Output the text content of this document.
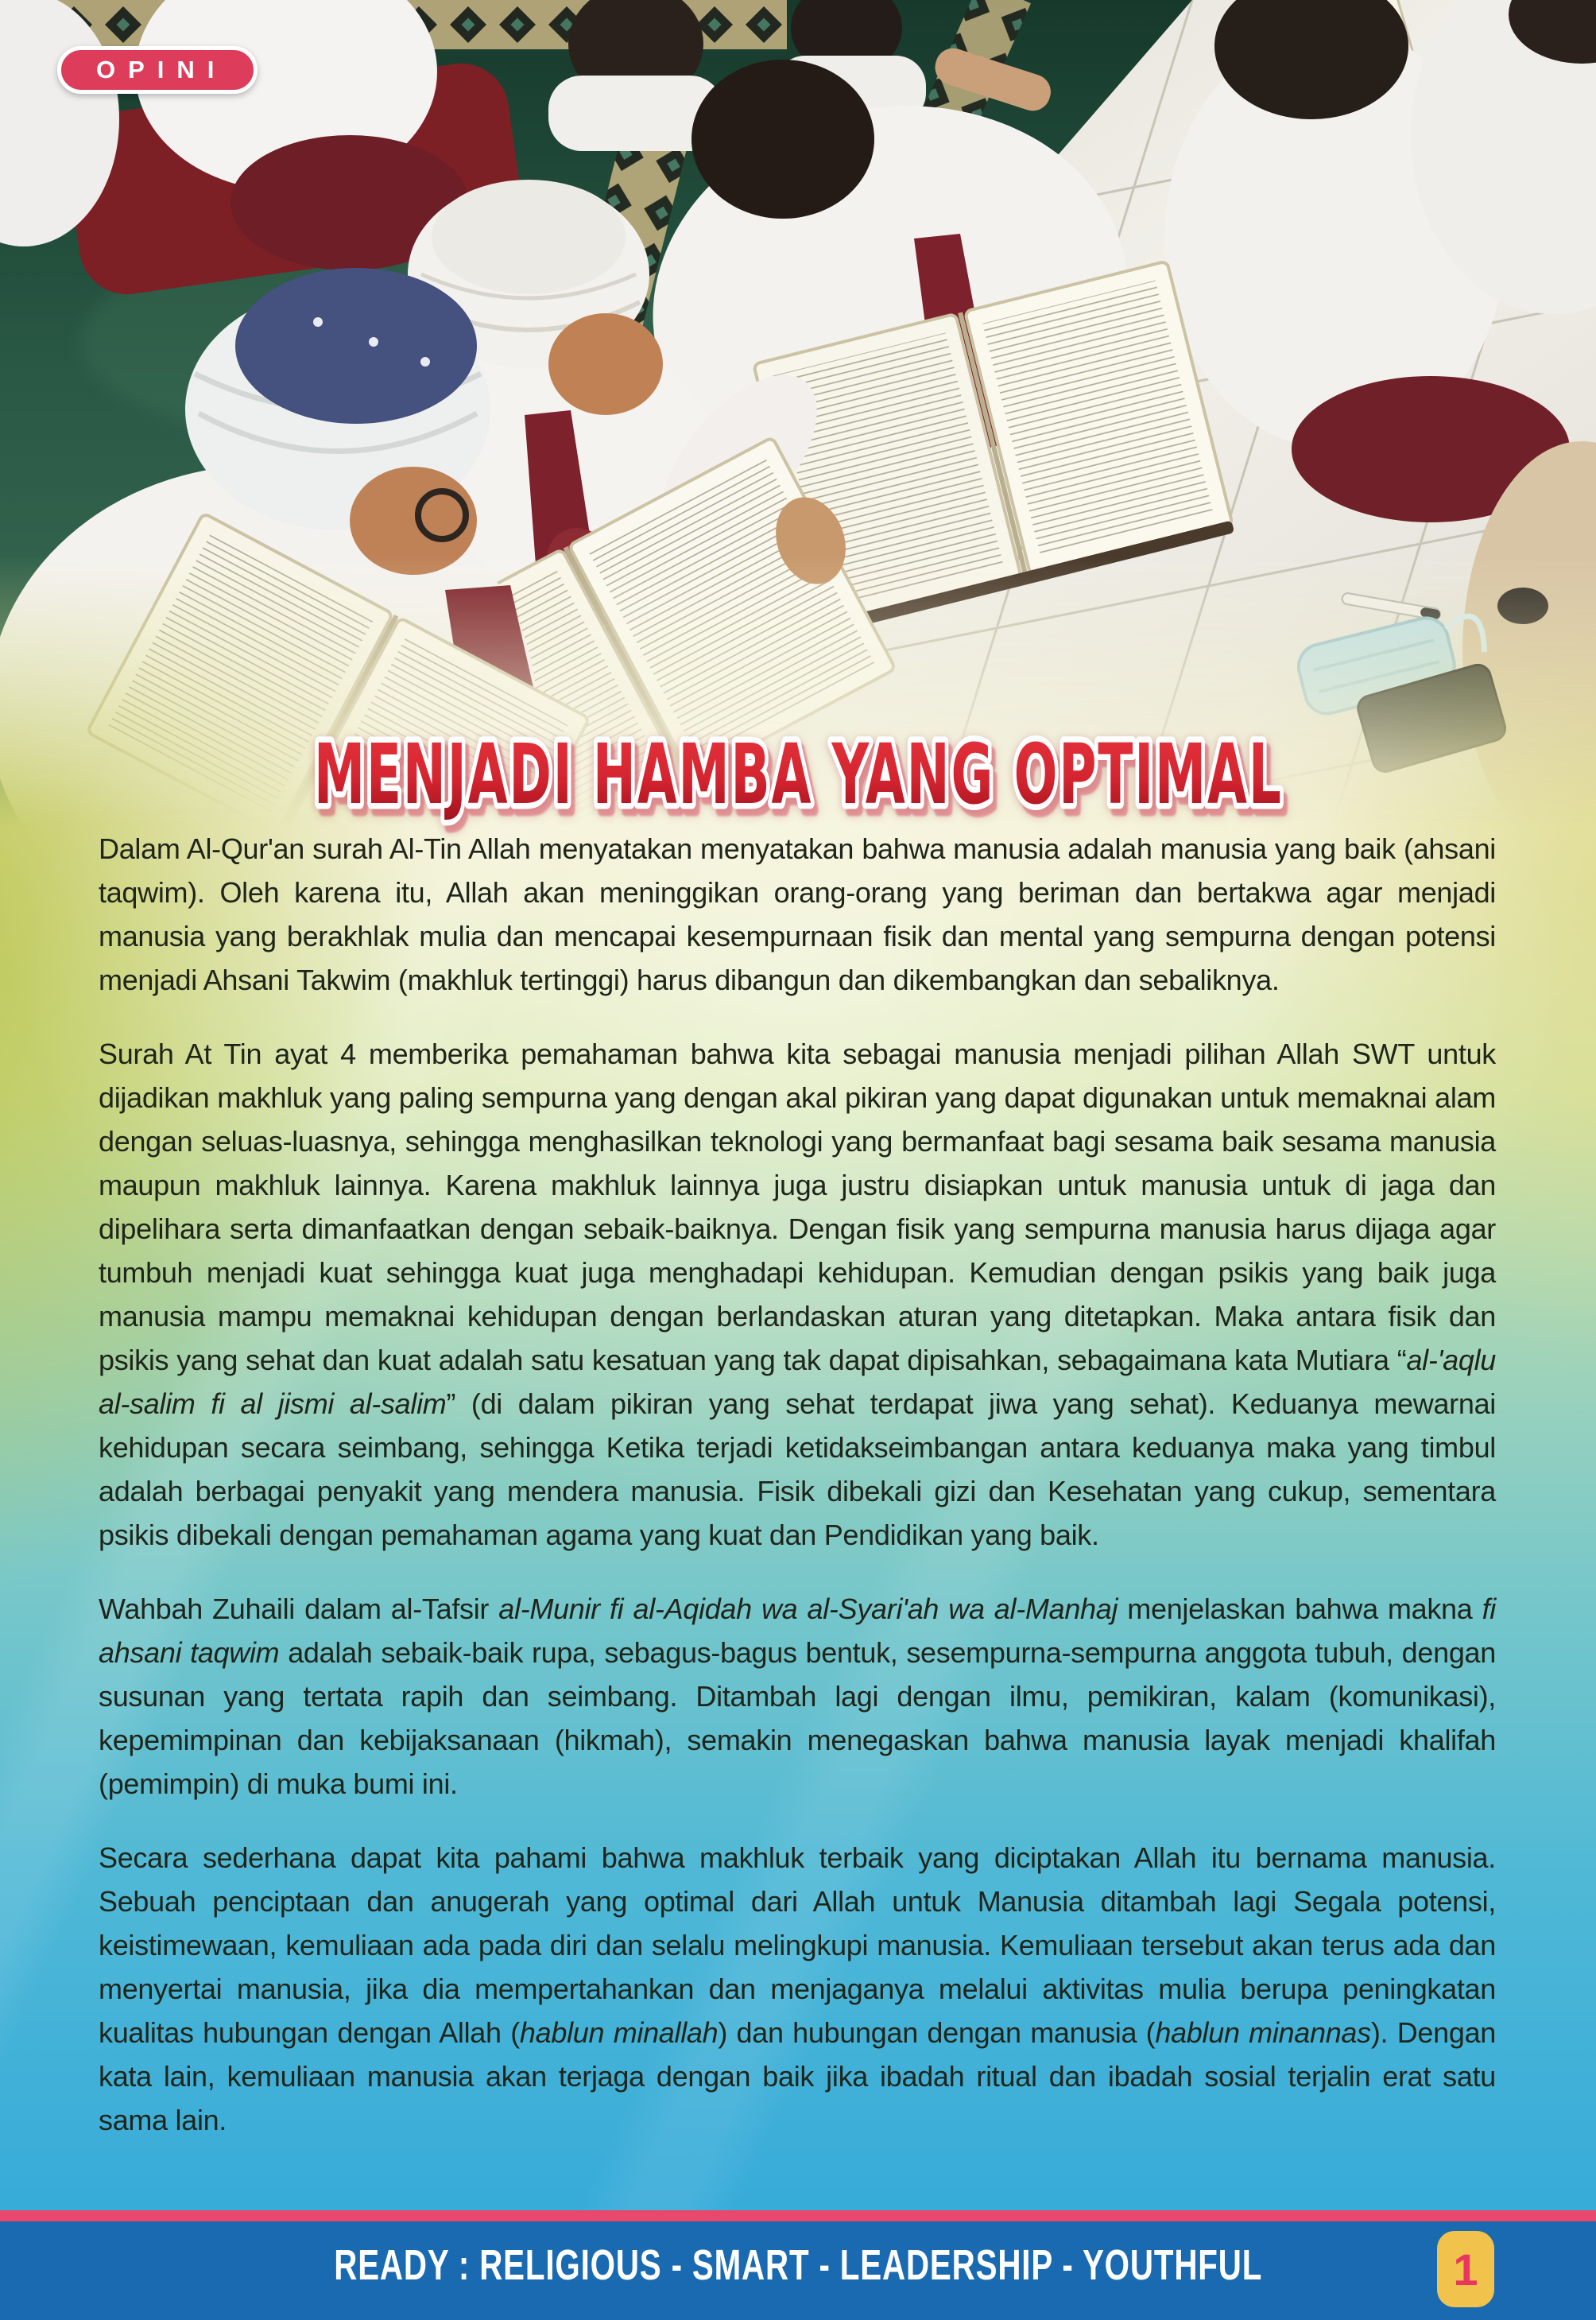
OPINI
MENJADI HAMBA YANG OPTIMAL

Dalam Al-Qur'an surah Al-Tin Allah menyatakan menyatakan bahwa manusia adalah manusia yang baik (ahsani taqwim). Oleh karena itu, Allah akan meninggikan orang-orang yang beriman dan bertakwa agar menjadi manusia yang berakhlak mulia dan mencapai kesempurnaan fisik dan mental yang sempurna dengan potensi menjadi Ahsani Takwim (makhluk tertinggi) harus dibangun dan dikembangkan dan sebaliknya.

Surah At Tin ayat 4 memberika pemahaman bahwa kita sebagai manusia menjadi pilihan Allah SWT untuk dijadikan makhluk yang paling sempurna yang dengan akal pikiran yang dapat digunakan untuk memaknai alam dengan seluas-luasnya, sehingga menghasilkan teknologi yang bermanfaat bagi sesama baik sesama manusia maupun makhluk lainnya. Karena makhluk lainnya juga justru disiapkan untuk manusia untuk di jaga dan dipelihara serta dimanfaatkan dengan sebaik-baiknya. Dengan fisik yang sempurna manusia harus dijaga agar tumbuh menjadi kuat sehingga kuat juga menghadapi kehidupan. Kemudian dengan psikis yang baik juga manusia mampu memaknai kehidupan dengan berlandaskan aturan yang ditetapkan. Maka antara fisik dan psikis yang sehat dan kuat adalah satu kesatuan yang tak dapat dipisahkan, sebagaimana kata Mutiara “al-'aqlu al-salim fi al jismi al-salim” (di dalam pikiran yang sehat terdapat jiwa yang sehat). Keduanya mewarnai kehidupan secara seimbang, sehingga Ketika terjadi ketidakseimbangan antara keduanya maka yang timbul adalah berbagai penyakit yang mendera manusia. Fisik dibekali gizi dan Kesehatan yang cukup, sementara psikis dibekali dengan pemahaman agama yang kuat dan Pendidikan yang baik.

Wahbah Zuhaili dalam al-Tafsir al-Munir fi al-Aqidah wa al-Syari'ah wa al-Manhaj menjelaskan bahwa makna fi ahsani taqwim adalah sebaik-baik rupa, sebagus-bagus bentuk, sesempurna-sempurna anggota tubuh, dengan susunan yang tertata rapih dan seimbang. Ditambah lagi dengan ilmu, pemikiran, kalam (komunikasi), kepemimpinan dan kebijaksanaan (hikmah), semakin menegaskan bahwa manusia layak menjadi khalifah (pemimpin) di muka bumi ini.

Secara sederhana dapat kita pahami bahwa makhluk terbaik yang diciptakan Allah itu bernama manusia. Sebuah penciptaan dan anugerah yang optimal dari Allah untuk Manusia ditambah lagi Segala potensi, keistimewaan, kemuliaan ada pada diri dan selalu melingkupi manusia. Kemuliaan tersebut akan terus ada dan menyertai manusia, jika dia mempertahankan dan menjaganya melalui aktivitas mulia berupa peningkatan kualitas hubungan dengan Allah (hablun minallah) dan hubungan dengan manusia (hablun minannas). Dengan kata lain, kemuliaan manusia akan terjaga dengan baik jika ibadah ritual dan ibadah sosial terjalin erat satu sama lain.

READY : RELIGIOUS - SMART - LEADERSHIP - YOUTHFUL	1
